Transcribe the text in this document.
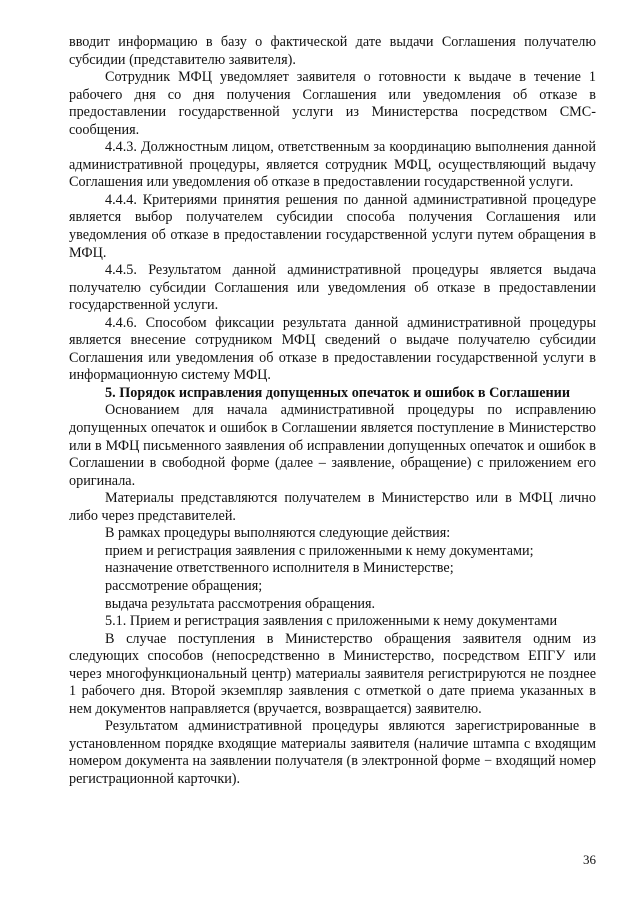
вводит информацию в базу о фактической дате выдачи Соглашения получателю субсидии (представителю заявителя).

Сотрудник МФЦ уведомляет заявителя о готовности к выдаче в течение 1 рабочего дня со дня получения Соглашения или уведомления об отказе в предоставлении государственной услуги из Министерства посредством СМС-сообщения.

4.4.3. Должностным лицом, ответственным за координацию выполнения данной административной процедуры, является сотрудник МФЦ, осуществляющий выдачу Соглашения или уведомления об отказе в предоставлении государственной услуги.

4.4.4. Критериями принятия решения по данной административной процедуре является выбор получателем субсидии способа получения Соглашения или уведомления об отказе в предоставлении государственной услуги путем обращения в МФЦ.

4.4.5. Результатом данной административной процедуры является выдача получателю субсидии Соглашения или уведомления об отказе в предоставлении государственной услуги.

4.4.6. Способом фиксации результата данной административной процедуры является внесение сотрудником МФЦ сведений о выдаче получателю субсидии Соглашения или уведомления об отказе в предоставлении государственной услуги в информационную систему МФЦ.

5. Порядок исправления допущенных опечаток и ошибок в Соглашении

Основанием для начала административной процедуры по исправлению допущенных опечаток и ошибок в Соглашении является поступление в Министерство или в МФЦ письменного заявления об исправлении допущенных опечаток и ошибок в Соглашении в свободной форме (далее – заявление, обращение) с приложением его оригинала.

Материалы представляются получателем в Министерство или в МФЦ лично либо через представителей.

В рамках процедуры выполняются следующие действия:

прием и регистрация заявления с приложенными к нему документами;

назначение ответственного исполнителя в Министерстве;

рассмотрение обращения;

выдача результата рассмотрения обращения.

5.1. Прием и регистрация заявления с приложенными к нему документами

В случае поступления в Министерство обращения заявителя одним из следующих способов (непосредственно в Министерство, посредством ЕПГУ или через многофункциональный центр) материалы заявителя регистрируются не позднее 1 рабочего дня. Второй экземпляр заявления с отметкой о дате приема указанных в нем документов направляется (вручается, возвращается) заявителю.

Результатом административной процедуры являются зарегистрированные в установленном порядке входящие материалы заявителя (наличие штампа с входящим номером документа на заявлении получателя (в электронной форме − входящий номер регистрационной карточки).

36
